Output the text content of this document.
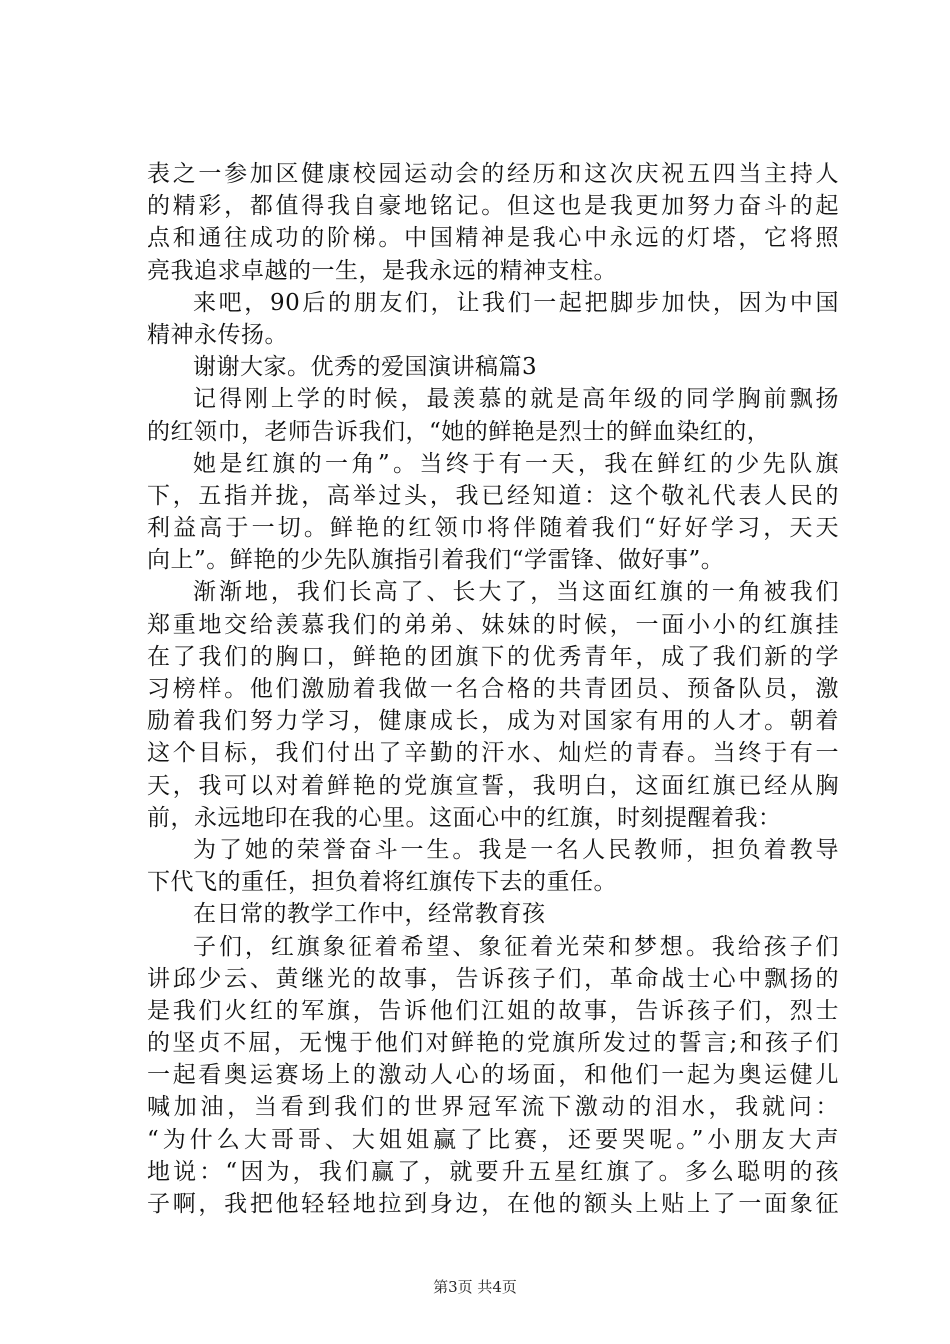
表之一参加区健康校园运动会的经历和这次庆祝五四当主持人
的精彩，都值得我自豪地铭记。但这也是我更加努力奋斗的起
点和通往成功的阶梯。中国精神是我心中永远的灯塔，它将照
亮我追求卓越的一生，是我永远的精神支柱。
来吧，90后的朋友们，让我们一起把脚步加快，因为中国
精神永传扬。
谢谢大家。优秀的爱国演讲稿篇3
记得刚上学的时候，最羡慕的就是高年级的同学胸前飘扬
的红领巾，老师告诉我们，“她的鲜艳是烈士的鲜血染红的，
她是红旗的一角”。当终于有一天，我在鲜红的少先队旗
下，五指并拢，高举过头，我已经知道：这个敬礼代表人民的
利益高于一切。鲜艳的红领巾将伴随着我们“好好学习，天天
向上”。鲜艳的少先队旗指引着我们“学雷锋、做好事”。
渐渐地，我们长高了、长大了，当这面红旗的一角被我们
郑重地交给羡慕我们的弟弟、妹妹的时候，一面小小的红旗挂
在了我们的胸口，鲜艳的团旗下的优秀青年，成了我们新的学
习榜样。他们激励着我做一名合格的共青团员、预备队员，激
励着我们努力学习，健康成长，成为对国家有用的人才。朝着
这个目标，我们付出了辛勤的汗水、灿烂的青春。当终于有一
天，我可以对着鲜艳的党旗宣誓，我明白，这面红旗已经从胸
前，永远地印在我的心里。这面心中的红旗，时刻提醒着我：
为了她的荣誉奋斗一生。我是一名人民教师，担负着教导
下代飞的重任，担负着将红旗传下去的重任。
在日常的教学工作中，经常教育孩
子们，红旗象征着希望、象征着光荣和梦想。我给孩子们
讲邱少云、黄继光的故事，告诉孩子们，革命战士心中飘扬的
是我们火红的军旗，告诉他们江姐的故事，告诉孩子们，烈士
的坚贞不屈，无愧于他们对鲜艳的党旗所发过的誓言;和孩子们
一起看奥运赛场上的激动人心的场面，和他们一起为奥运健儿
喊加油，当看到我们的世界冠军流下激动的泪水，我就问：
“为什么大哥哥、大姐姐赢了比赛，还要哭呢。”小朋友大声
地说：“因为，我们赢了，就要升五星红旗了。多么聪明的孩
子啊，我把他轻轻地拉到身边，在他的额头上贴上了一面象征
第3页 共4页
